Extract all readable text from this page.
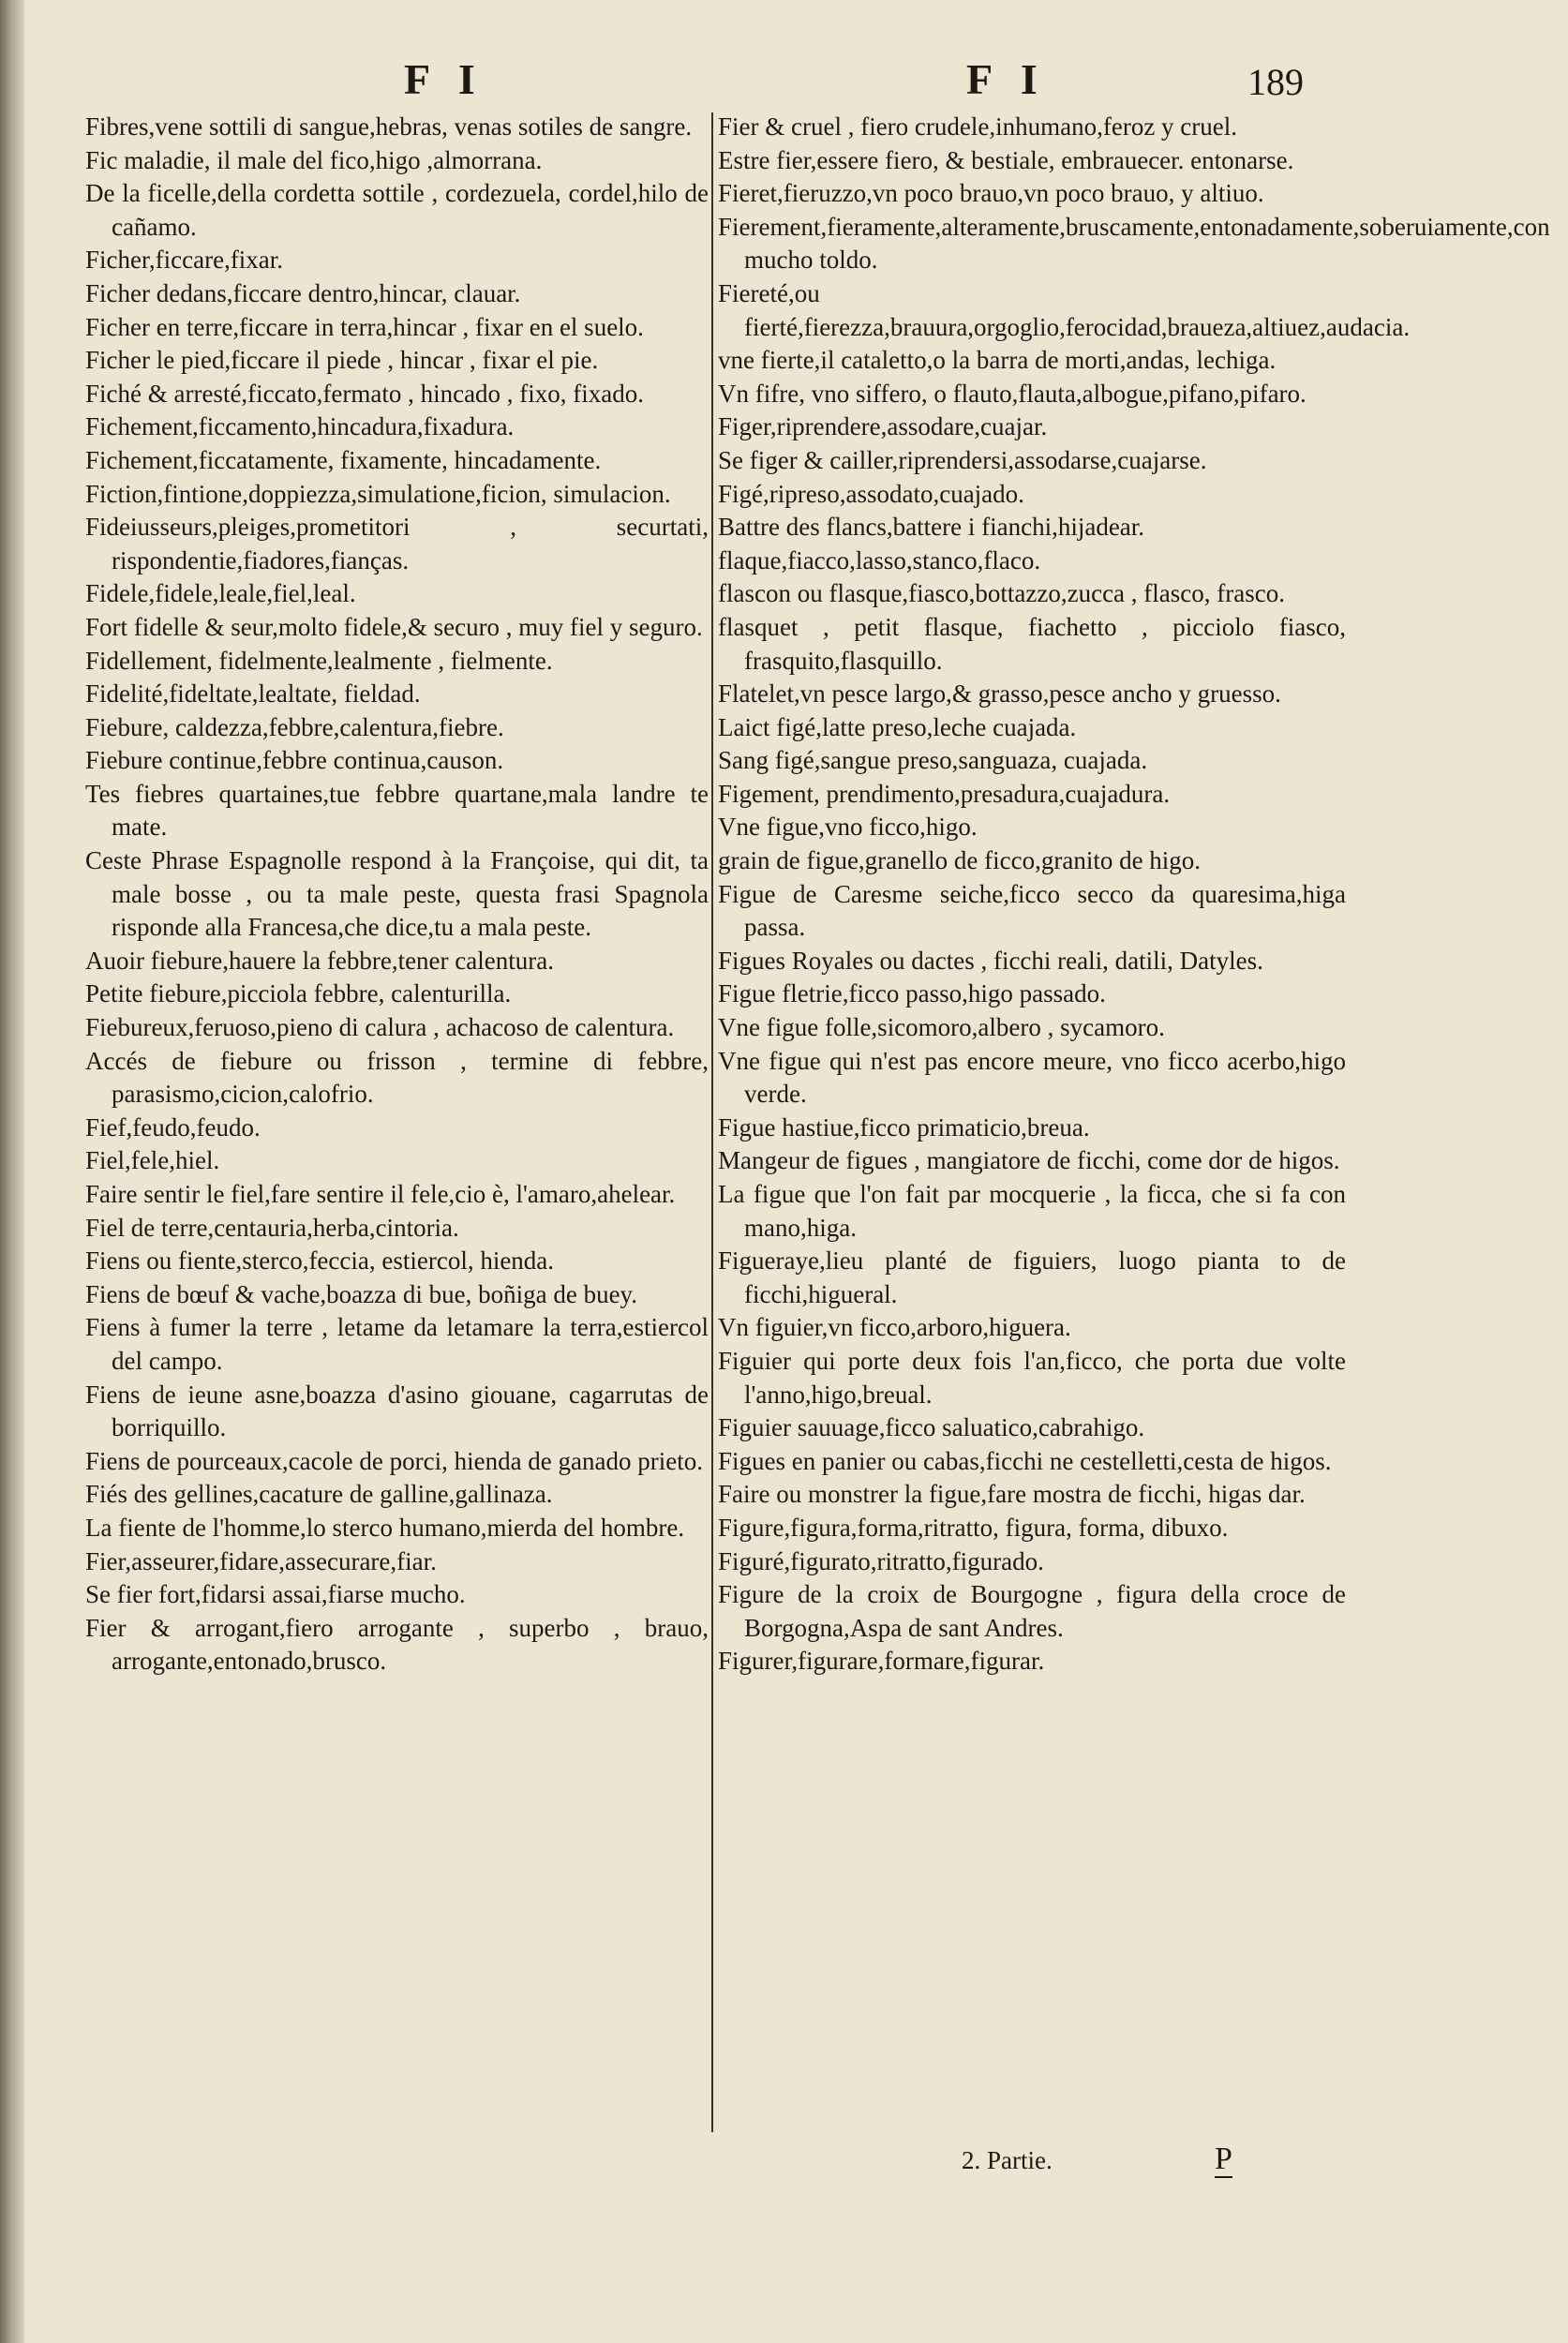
F I	F I	189
Fibres,vene sottili di sangue,hebras, venas sotiles de sangre.
Fic maladie, il male del fico,higo ,almorrana.
De la ficelle,della cordetta sottile , cordezuela, cordel,hilo de cañamo.
Ficher,ficcare,fixar.
Ficher dedans,ficcare dentro,hincar, clauar.
Ficher en terre,ficcare in terra,hincar , fixar en el suelo.
Ficher le pied,ficcare il piede , hincar , fixar el pie.
Fiché & arresté,ficcato,fermato , hincado , fixo, fixado.
Fichement,ficcamento,hincadura,fixadura.
Fichement,ficcatamente, fixamente, hincadamente.
Fiction,fintione,doppiezza,simulatione,ficion, simulacion.
Fideiusseurs,pleiges,prometitori , securtati, rispondentie,fiadores,fianças.
Fidele,fidele,leale,fiel,leal.
Fort fidelle & seur,molto fidele,& securo , muy fiel y seguro.
Fidellement, fidelmente,lealmente , fielmente.
Fidelité,fideltate,lealtate, fieldad.
Fiebure, caldezza,febbre,calentura,fiebre.
Fiebure continue,febbre continua,causon.
Tes fiebres quartaines,tue febbre quartane,mala landre te mate.
Ceste Phrase Espagnolle respond à la Françoise, qui dit, ta male bosse , ou ta male peste, questa frasi Spagnola risponde alla Francesa,che dice,tu a mala peste.
Auoir fiebure,hauere la febbre,tener calentura.
Petite fiebure,picciola febbre, calenturilla.
Fiebureux,feruoso,pieno di calura , achacoso de calentura.
Accés de fiebure ou frisson , termine di febbre, parasismo,cicion,calofrio.
Fief,feudo,feudo.
Fiel,fele,hiel.
Faire sentir le fiel,fare sentire il fele,cio è, l'amaro,ahelear.
Fiel de terre,centauria,herba,cintoria.
Fiens ou fiente,sterco,feccia, estiercol, hienda.
Fiens de bœuf & vache,boazza di bue, boñiga de buey.
Fiens à fumer la terre , letame da letamare la terra,estiercol del campo.
Fiens de ieune asne,boazza d'asino giouane, cagarrutas de borriquillo.
Fiens de pourceaux,cacole de porci, hienda de ganado prieto.
Fiés des gellines,cacature de galline,gallinaza.
La fiente de l'homme,lo sterco humano,mierda del hombre.
Fier,asseurer,fidare,assecurare,fiar.
Se fier fort,fidarsi assai,fiarse mucho.
Fier & arrogant,fiero arrogante , superbo , brauo, arrogante,entonado,brusco.
Fier & cruel , fiero crudele,inhumano,feroz y cruel.
Estre fier,essere fiero, & bestiale, embrauecer. entonarse.
Fieret,fieruzzo,vn poco brauo,vn poco brauo, y altiuo.
Fierement,fieramente,alteramente,bruscamente,entonadamente,soberuiamente,con mucho toldo.
Fiereté,ou fierté,fierezza,brauura,orgoglio,ferocidad,braueza,altiuez,audacia.
vne fierte,il cataletto,o la barra de morti,andas, lechiga.
Vn fifre, vno siffero, o flauto,flauta,albogue,pifano,pifaro.
Figer,riprendere,assodare,cuajar.
Se figer & cailler,riprendersi,assodarse,cuajarse.
Figé,ripreso,assodato,cuajado.
Battre des flancs,battere i fianchi,hijadear.
flaque,fiacco,lasso,stanco,flaco.
flascon ou flasque,fiasco,bottazzo,zucca , flasco, frasco.
flasquet , petit flasque, fiachetto , picciolo fiasco, frasquito,flasquillo.
Flatelet,vn pesce largo,& grasso,pesce ancho y gruesso.
Laict figé,latte preso,leche cuajada.
Sang figé,sangue preso,sanguaza, cuajada.
Figement, prendimento,presadura,cuajadura.
Vne figue,vno ficco,higo.
grain de figue,granello de ficco,granito de higo.
Figue de Caresme seiche,ficco secco da quaresima,higa passa.
Figues Royales ou dactes , ficchi reali, datili, Datyles.
Figue fletrie,ficco passo,higo passado.
Vne figue folle,sicomoro,albero , sycamoro.
Vne figue qui n'est pas encore meure, vno ficco acerbo,higo verde.
Figue hastiue,ficco primaticio,breua.
Mangeur de figues , mangiatore de ficchi, come dor de higos.
La figue que l'on fait par mocquerie , la ficca, che si fa con mano,higa.
Figueraye,lieu planté de figuiers, luogo pianta to de ficchi,higueral.
Vn figuier,vn ficco,arboro,higuera.
Figuier qui porte deux fois l'an,ficco, che porta due volte l'anno,higo,breual.
Figuier sauuage,ficco saluatico,cabrahigo.
Figues en panier ou cabas,ficchi ne cestelletti,cesta de higos.
Faire ou monstrer la figue,fare mostra de ficchi, higas dar.
Figure,figura,forma,ritratto, figura, forma, dibuxo.
Figuré,figurato,ritratto,figurado.
Figure de la croix de Bourgogne , figura della croce de Borgogna,Aspa de sant Andres.
Figurer,figurare,formare,figurar.
2. Partie.	P
